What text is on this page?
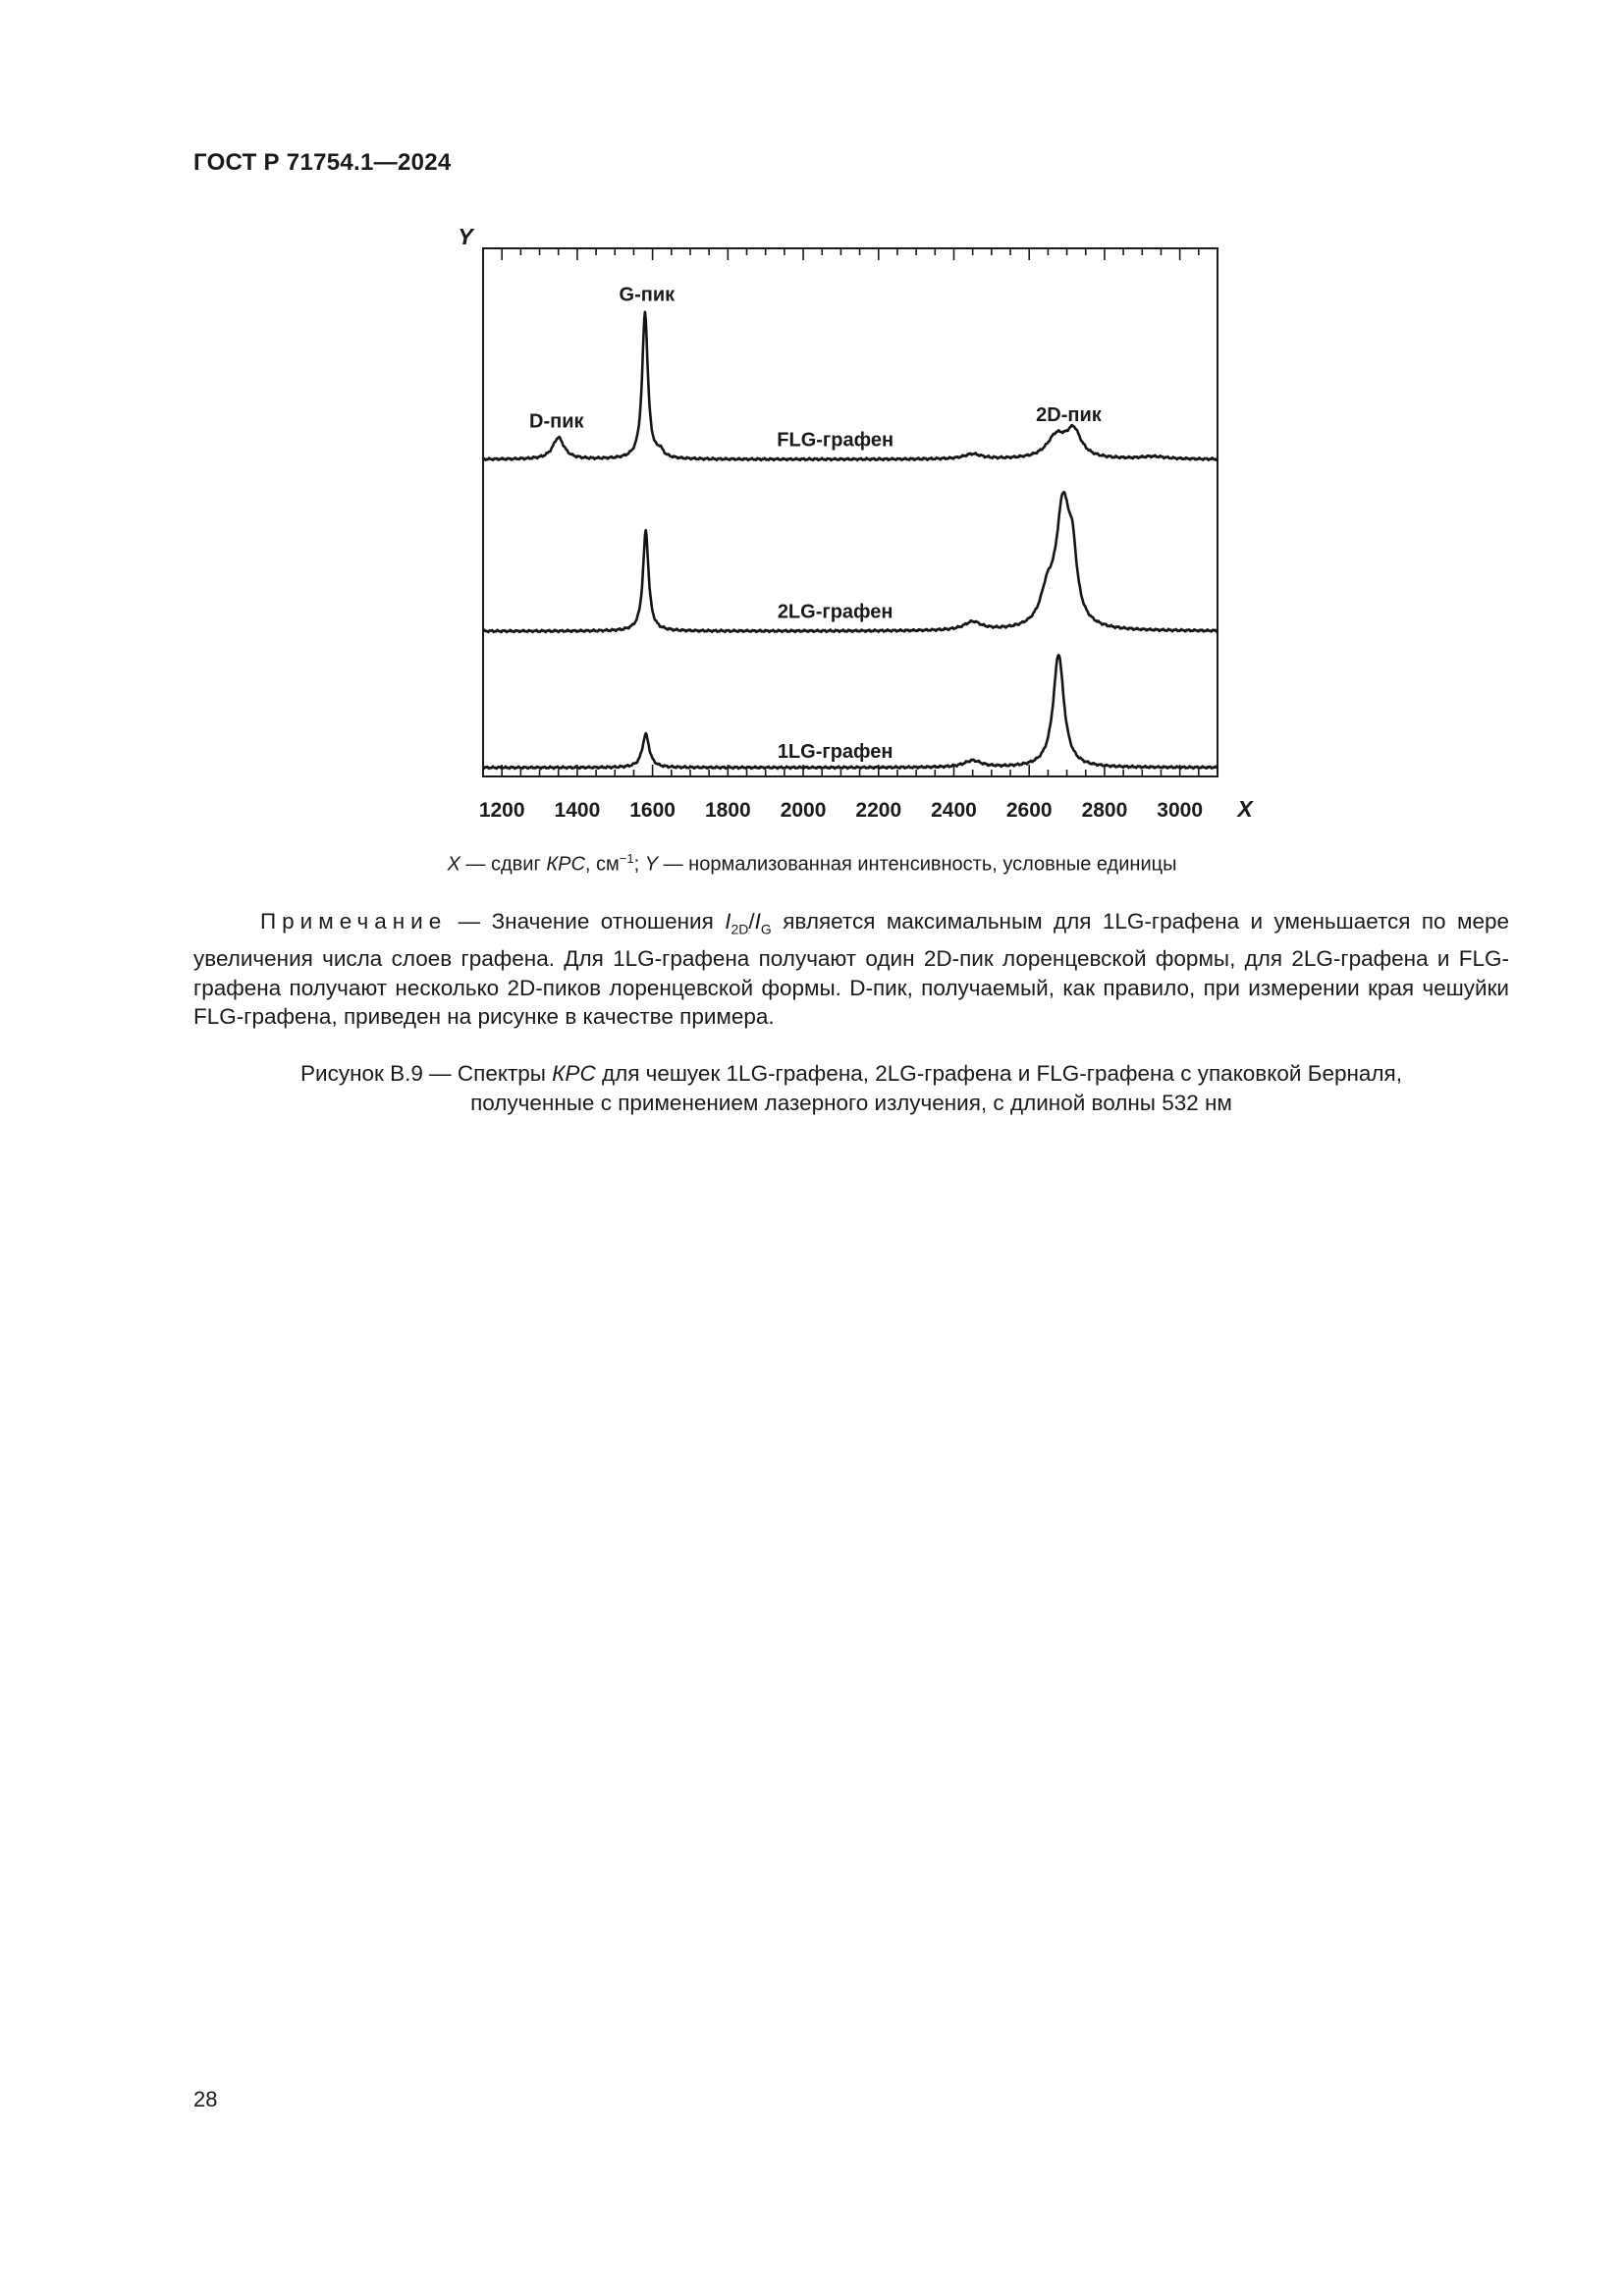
ГОСТ Р 71754.1—2024
1200 1400 1600 1800 2000 2200 2400 2600 2800 3000 X
Y
1LG-графен
2LG-графен
FLG-графен
D-пик
G-пик
2D-пик
X — сдвиг КРС, $см^{-1}$; Y — нормализованная интенсивность, условные единицы
Примечание — Значение отношения $I_{2D}/I_G$ является максимальным для 1LG-графена и уменьшается по мере увеличения числа слоев графена. Для 1LG-графена получают один 2D-пик лоренцевской формы, для 2LG-графена и FLG-графена получают несколько 2D-пиков лоренцевской формы. D-пик, получаемый, как правило, при измерении края чешуйки FLG-графена, приведен на рисунке в качестве примера.
Рисунок В.9 — Спектры КРС для чешуек 1LG-графена, 2LG-графена и FLG-графена с упаковкой Берналя,
полученные с применением лазерного излучения, с длиной волны 532 нм
28
